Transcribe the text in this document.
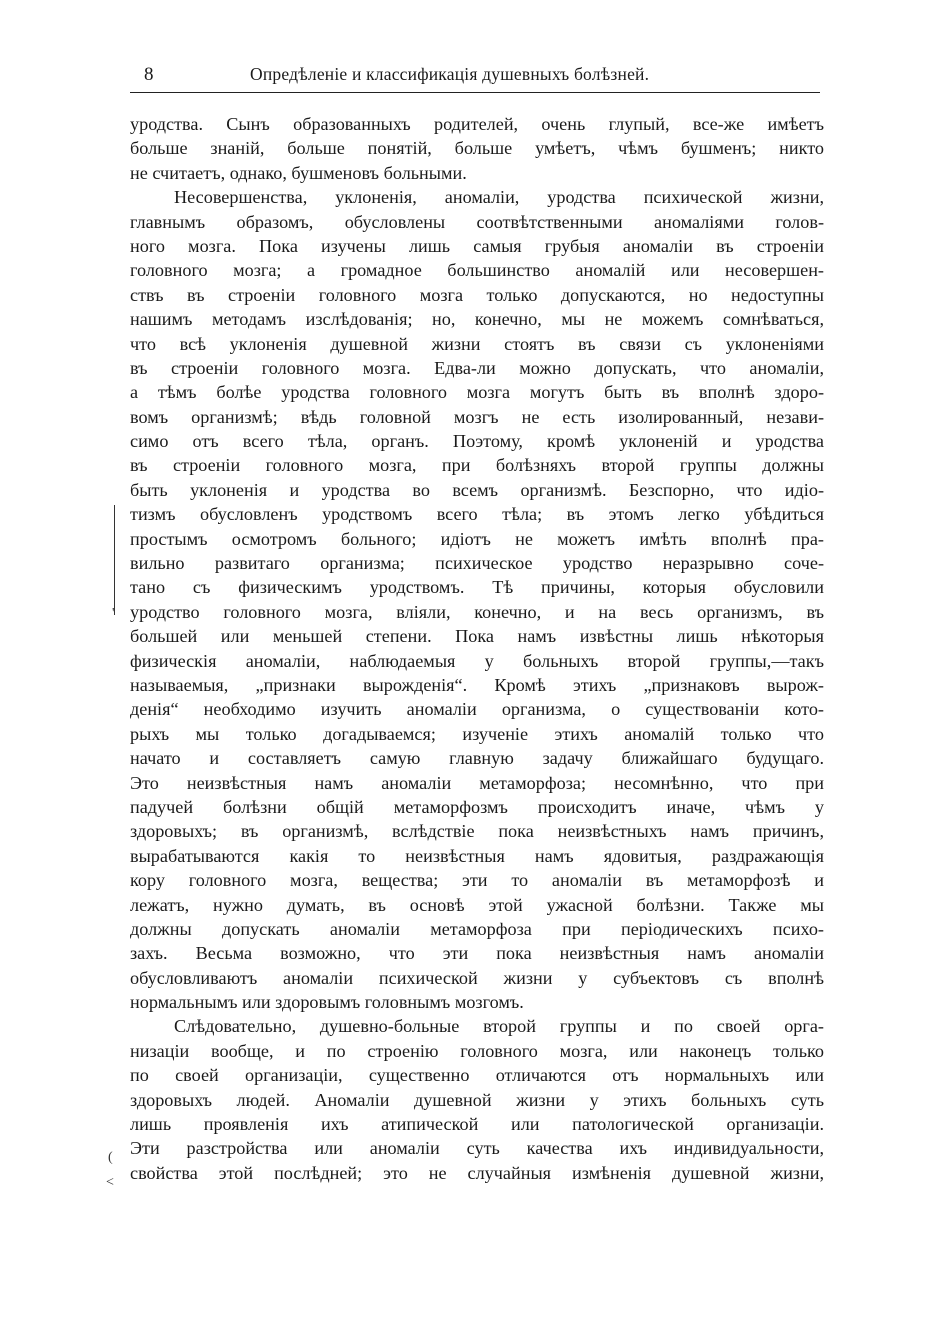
8	Опредѣленіе и классификація душевныхъ болѣзней.
'
(
<
уродства. Сынъ образованныхъ родителей, очень глупый, все-же имѣетъ
больше знаній, больше понятій, больше умѣетъ, чѣмъ бушменъ; никто
не считаетъ, однако, бушменовъ больными.
Несовершенства, уклоненія, аномаліи, уродства психической жизни,
главнымъ образомъ, обусловлены соотвѣтственными аномаліями голов-
ного мозга. Пока изучены лишь самыя грубыя аномаліи въ строеніи
головного мозга; а громадное большинство аномалій или несовершен-
ствъ въ строеніи головного мозга только допускаются, но недоступны
нашимъ методамъ изслѣдованія; но, конечно, мы не можемъ сомнѣваться,
что всѣ уклоненія душевной жизни стоятъ въ связи съ уклоненіями
въ строеніи головного мозга. Едва-ли можно допускать, что аномаліи,
а тѣмъ болѣе уродства головного мозга могутъ быть въ вполнѣ здоро-
вомъ организмѣ; вѣдь головной мозгъ не есть изолированный, незави-
симо отъ всего тѣла, органъ. Поэтому, кромѣ уклоненій и уродства
въ строеніи головного мозга, при болѣзняхъ второй группы должны
быть уклоненія и уродства во всемъ организмѣ. Безспорно, что идіо-
тизмъ обусловленъ уродствомъ всего тѣла; въ этомъ легко убѣдиться
простымъ осмотромъ больного; идіотъ не можетъ имѣть вполнѣ пра-
вильно развитаго организма; психическое уродство неразрывно соче-
тано съ физическимъ уродствомъ. Тѣ причины, которыя обусловили
уродство головного мозга, вліяли, конечно, и на весь организмъ, въ
большей или меньшей степени. Пока намъ извѣстны лишь нѣкоторыя
физическія аномаліи, наблюдаемыя у больныхъ второй группы,—такъ
называемыя, „признаки вырожденія“. Кромѣ этихъ „признаковъ вырож-
денія“ необходимо изучить аномаліи организма, о существованіи кото-
рыхъ мы только догадываемся; изученіе этихъ аномалій только что
начато и составляетъ самую главную задачу ближайшаго будущаго.
Это неизвѣстныя намъ аномаліи метаморфоза; несомнѣнно, что при
падучей болѣзни общій метаморфозмъ происходитъ иначе, чѣмъ у
здоровыхъ; въ организмѣ, вслѣдствіе пока неизвѣстныхъ намъ причинъ,
вырабатываются какія то неизвѣстныя намъ ядовитыя, раздражающія
кору головного мозга, вещества; эти то аномаліи въ метаморфозѣ и
лежатъ, нужно думать, въ основѣ этой ужасной болѣзни. Также мы
должны допускать аномаліи метаморфоза при періодическихъ психо-
захъ. Весьма возможно, что эти пока неизвѣстныя намъ аномаліи
обусловливаютъ аномаліи психической жизни у субъектовъ съ вполнѣ
нормальнымъ или здоровымъ головнымъ мозгомъ.
Слѣдовательно, душевно-больные второй группы и по своей орга-
низаціи вообще, и по строенію головного мозга, или наконецъ только
по своей организаціи, существенно отличаются отъ нормальныхъ или
здоровыхъ людей. Аномаліи душевной жизни у этихъ больныхъ суть
лишь проявленія ихъ атипической или патологической организаціи.
Эти разстройства или аномаліи суть качества ихъ индивидуальности,
свойства этой послѣдней; это не случайныя измѣненія душевной жизни,
